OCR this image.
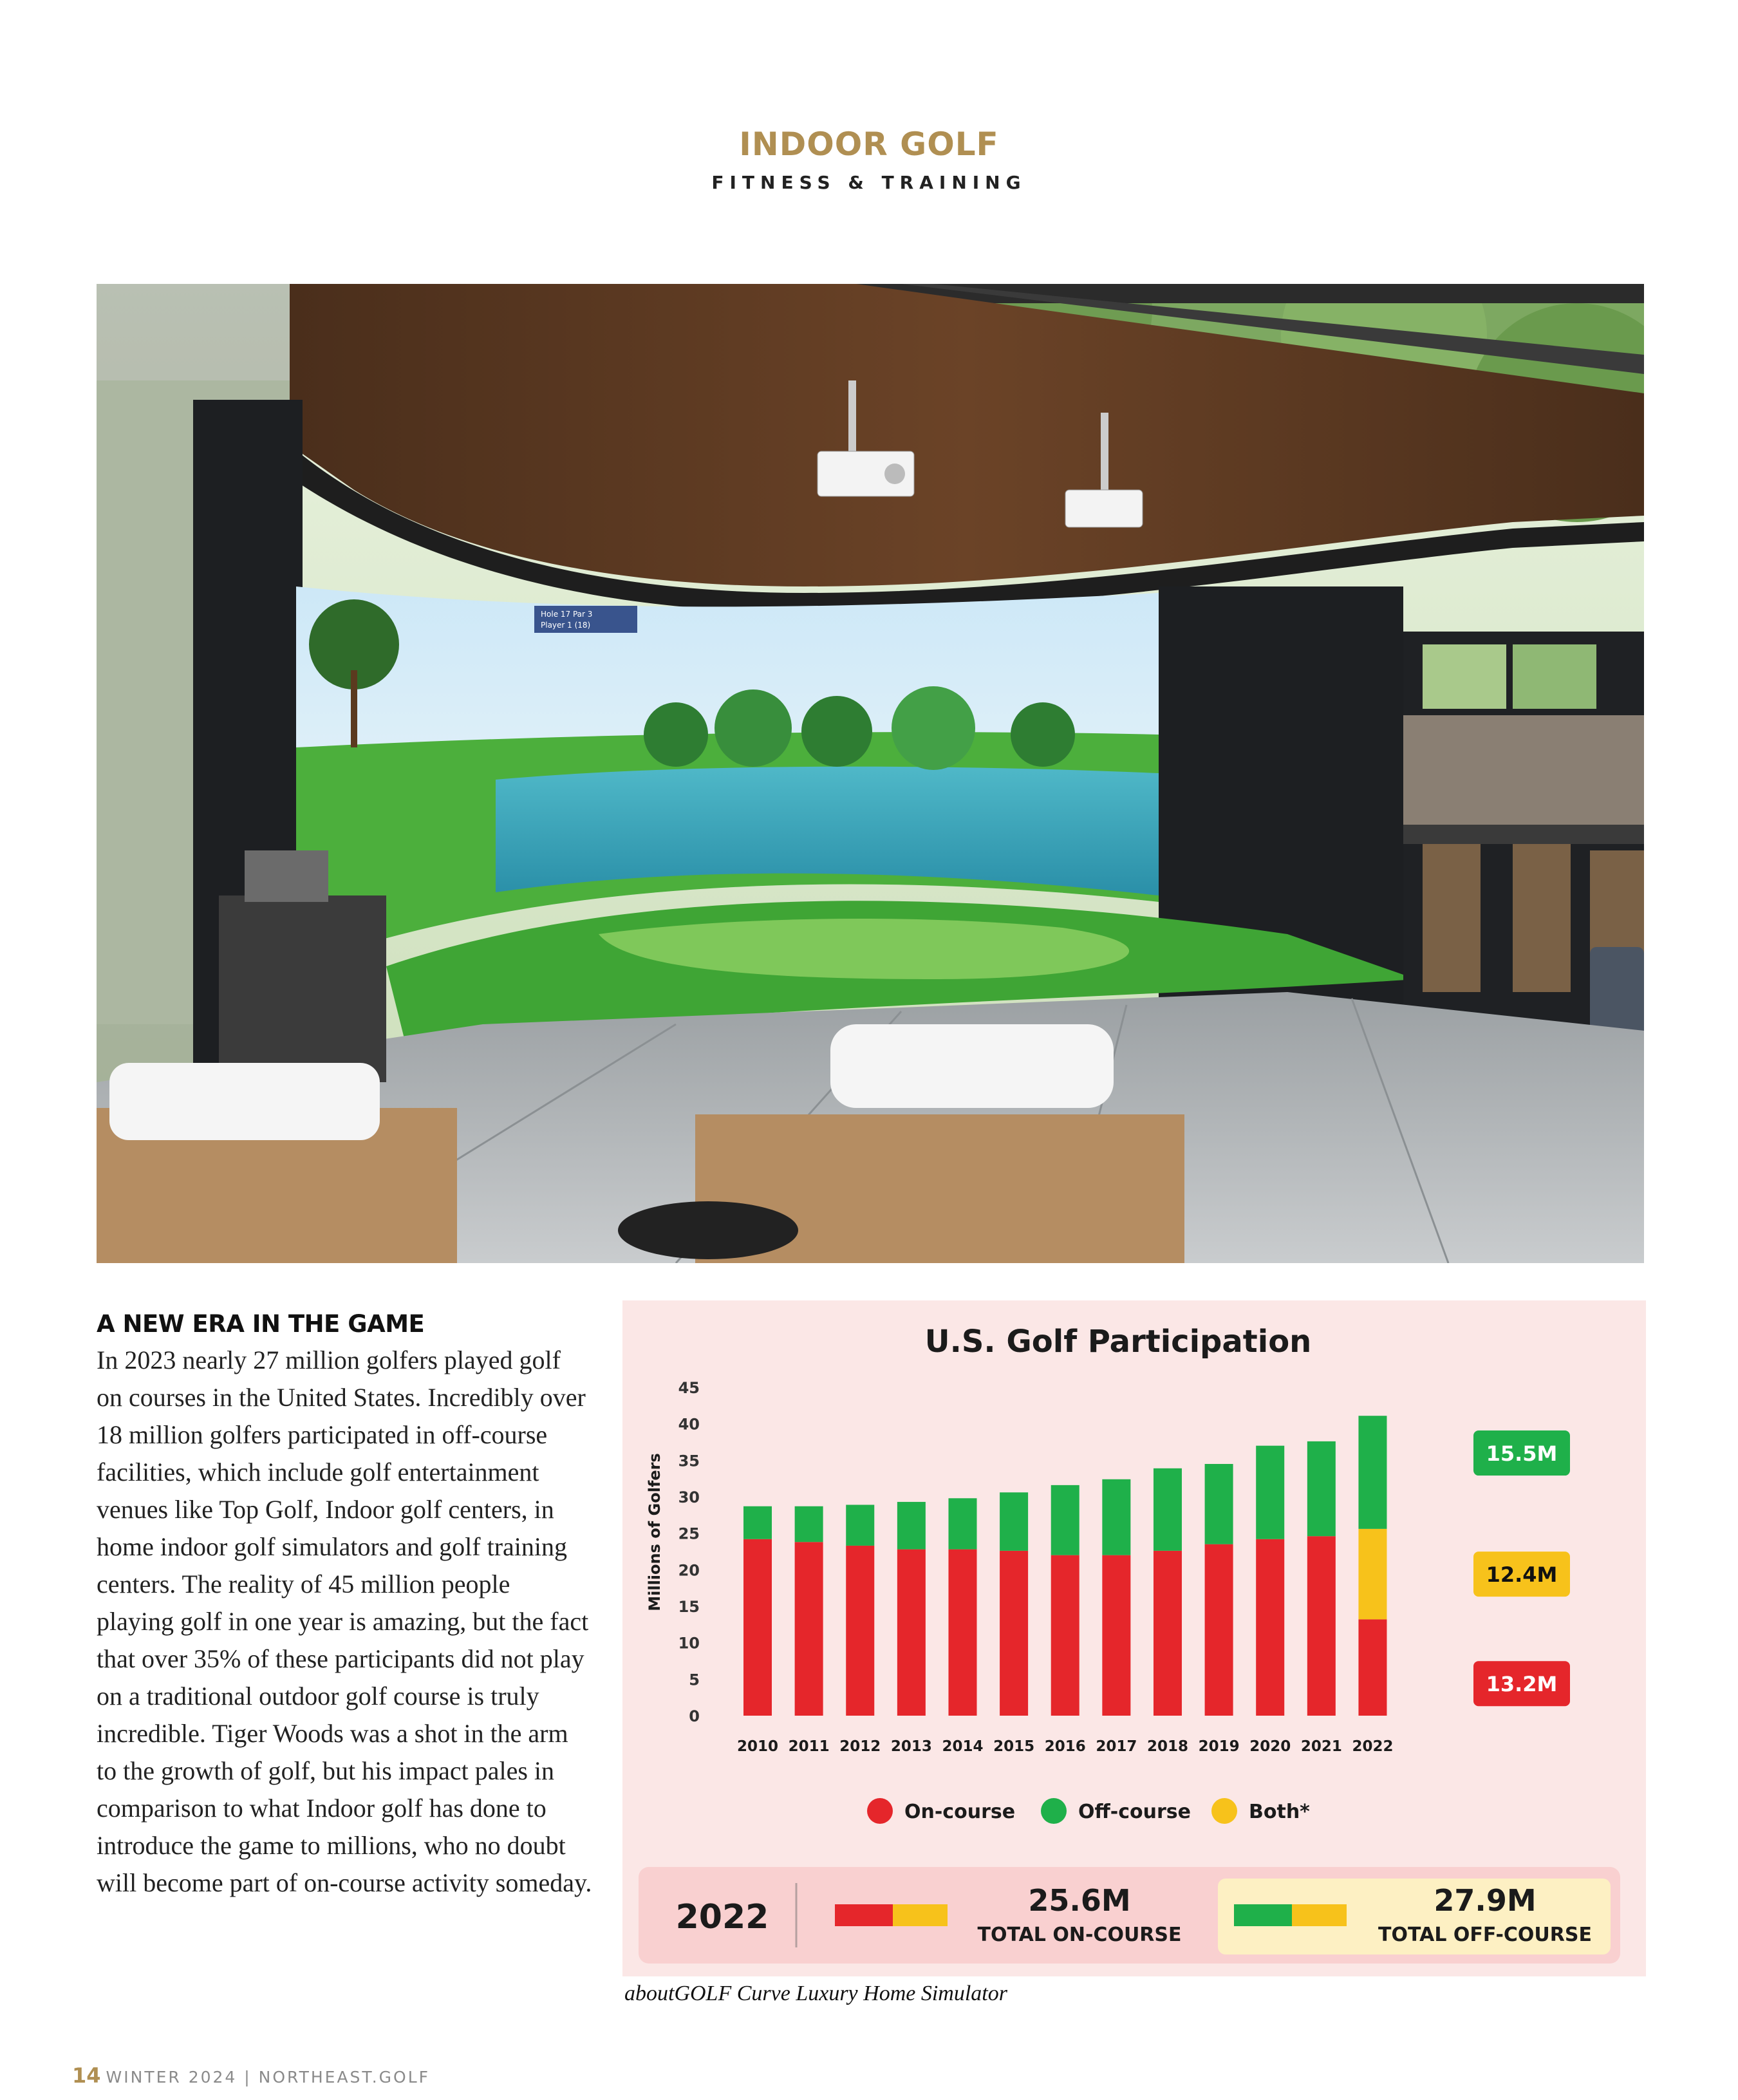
INDOOR GOLF
FITNESS & TRAINING
Hole 17 Par 3
Player 1 (18)
A NEW ERA IN THE GAME

In 2023 nearly 27 million golfers played golf on courses in the United States. Incredibly over 18 million golfers participated in off-course facilities, which include golf entertainment venues like Top Golf, Indoor golf centers, in home indoor golf simulators and golf training centers. The reality of 45 million people playing golf in one year is amazing, but the fact that over 35% of these participants did not play on a traditional outdoor golf course is truly incredible. Tiger Woods was a shot in the arm to the growth of golf, but his impact pales in comparison to what Indoor golf has done to introduce the game to millions, who no doubt will become part of on-course activity someday.

U.S. Golf Participation
Millions of Golfers
0
5
10
15
20
25
30
35
40
45
2010 2011 2012 2013 2014 2015 2016 2017 2018 2019 2020 2021 2022
15.5M
12.4M
13.2M
On-course	Off-course	Both*
2022	25.6M
TOTAL ON-COURSE
27.9M
TOTAL OFF-COURSE
aboutGOLF Curve Luxury Home Simulator
14 WINTER 2024 | NORTHEAST.GOLF
